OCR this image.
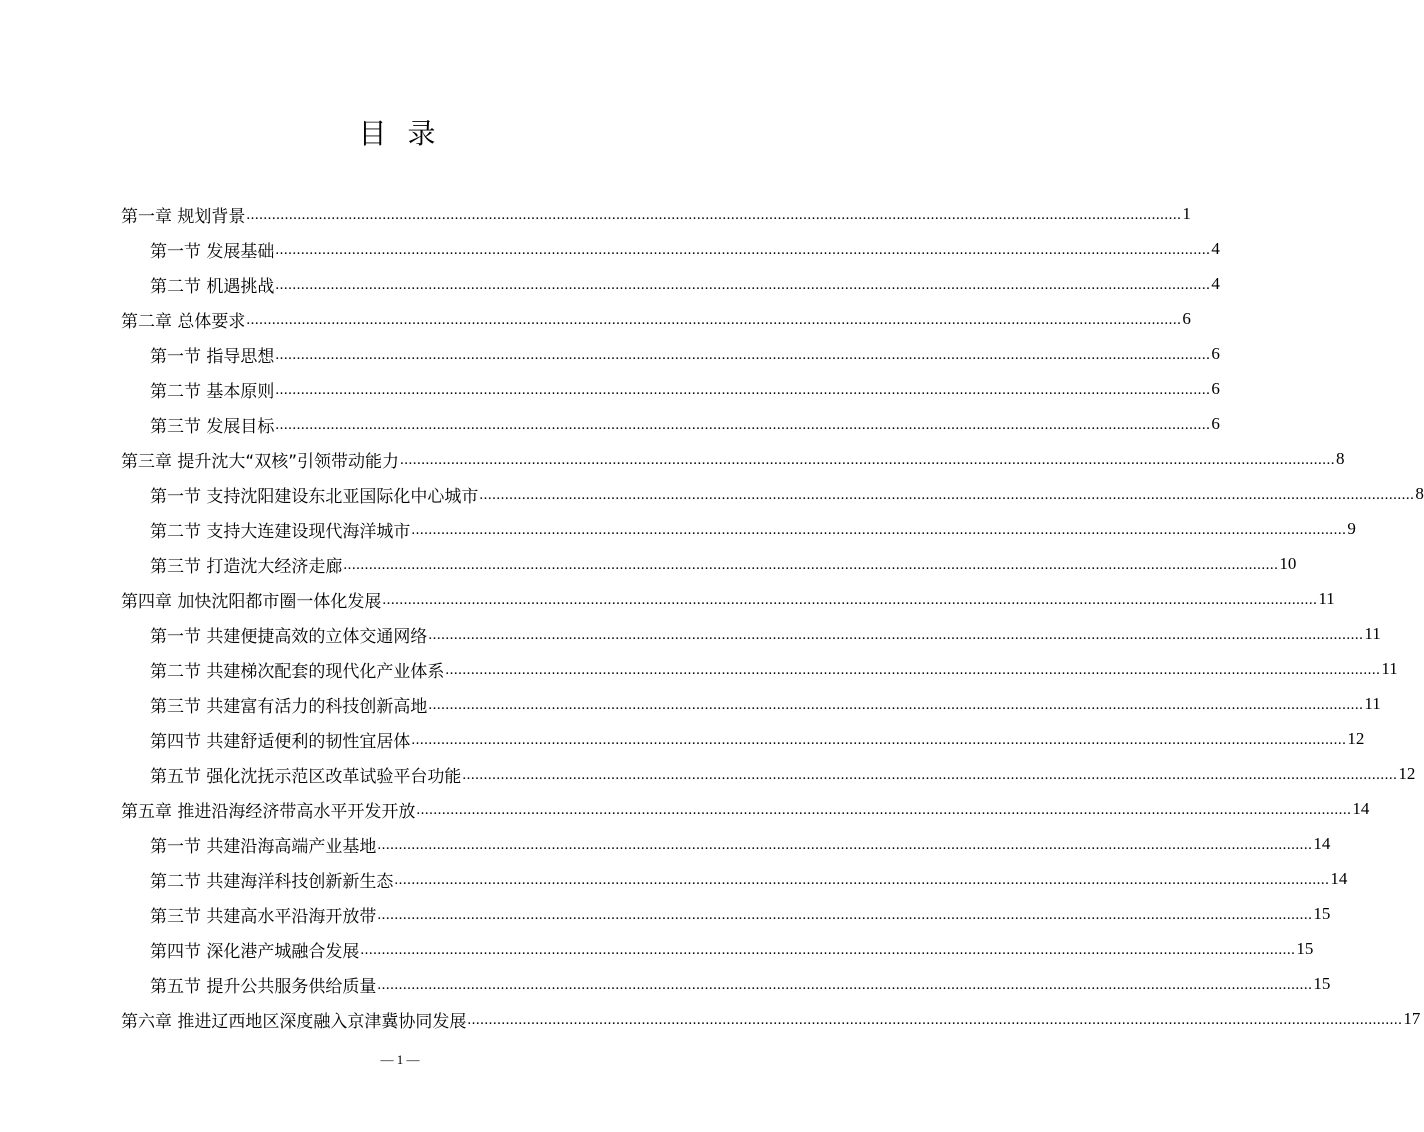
目 录
第一章 规划背景 ............................................................................................................................................................................................................................ 1
第一节 发展基础 ............................................................................................................................................................................................................................ 4
第二节 机遇挑战 ............................................................................................................................................................................................................................ 4
第二章 总体要求 ............................................................................................................................................................................................................................ 6
第一节 指导思想 ............................................................................................................................................................................................................................ 6
第二节 基本原则 ............................................................................................................................................................................................................................ 6
第三节 发展目标 ............................................................................................................................................................................................................................ 6
第三章 提升沈大“双核”引领带动能力 ............................................................................................................................................................................................................................ 8
第一节 支持沈阳建设东北亚国际化中心城市 ............................................................................................................................................................................................................................ 8
第二节 支持大连建设现代海洋城市 ............................................................................................................................................................................................................................ 9
第三节 打造沈大经济走廊 ............................................................................................................................................................................................................................ 10
第四章 加快沈阳都市圈一体化发展 ............................................................................................................................................................................................................................ 11
第一节 共建便捷高效的立体交通网络 ............................................................................................................................................................................................................................ 11
第二节 共建梯次配套的现代化产业体系 ............................................................................................................................................................................................................................ 11
第三节 共建富有活力的科技创新高地 ............................................................................................................................................................................................................................ 11
第四节 共建舒适便利的韧性宜居体 ............................................................................................................................................................................................................................ 12
第五节 强化沈抚示范区改革试验平台功能 ............................................................................................................................................................................................................................ 12
第五章 推进沿海经济带高水平开发开放 ............................................................................................................................................................................................................................ 14
第一节 共建沿海高端产业基地 ............................................................................................................................................................................................................................ 14
第二节 共建海洋科技创新新生态 ............................................................................................................................................................................................................................ 14
第三节 共建高水平沿海开放带 ............................................................................................................................................................................................................................ 15
第四节 深化港产城融合发展 ............................................................................................................................................................................................................................ 15
第五节 提升公共服务供给质量 ............................................................................................................................................................................................................................ 15
第六章 推进辽西地区深度融入京津冀协同发展 ............................................................................................................................................................................................................................ 17
— 1 —
